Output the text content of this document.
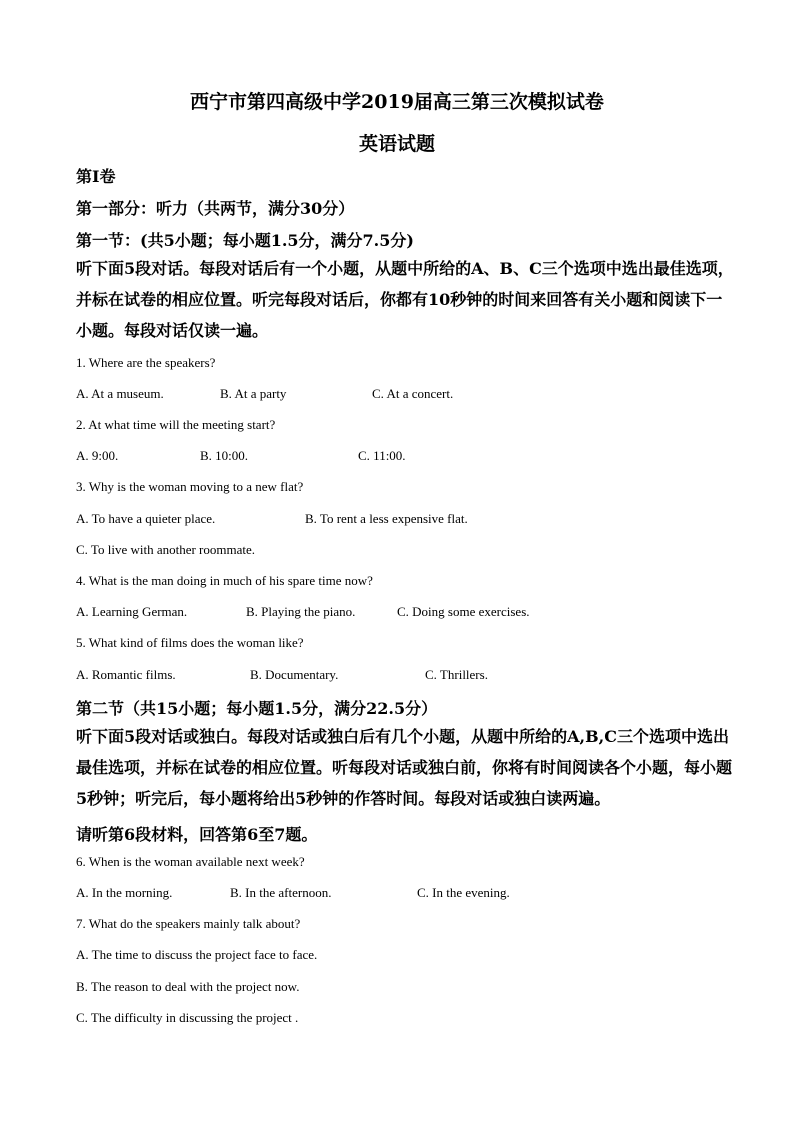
西宁市第四高级中学2019届高三第三次模拟试卷
英语试题
第Ⅰ卷
第一部分：听力（共两节，满分30分）
第一节：(共5小题；每小题1.5分，满分7.5分)
听下面5段对话。每段对话后有一个小题，从题中所给的A、B、C三个选项中选出最佳选项，
并标在试卷的相应位置。听完每段对话后，你都有10秒钟的时间来回答有关小题和阅读下一
小题。每段对话仅读一遍。
1. Where are the speakers?
A. At a museum.	B. At a party	C. At a concert.
2. At what time will the meeting start?
A. 9:00.	B. 10:00.	C. 11:00.
3. Why is the woman moving to a new flat?
A. To have a quieter place.	B. To rent a less expensive flat.
C. To live with another roommate.
4. What is the man doing in much of his spare time now?
A. Learning German.	B. Playing the piano.	C. Doing some exercises.
5. What kind of films does the woman like?
A. Romantic films.	B. Documentary.	C. Thrillers.
第二节（共15小题；每小题1.5分，满分22.5分）
听下面5段对话或独白。每段对话或独白后有几个小题，从题中所给的A,B,C三个选项中选出
最佳选项，并标在试卷的相应位置。听每段对话或独白前，你将有时间阅读各个小题，每小题
5秒钟；听完后，每小题将给出5秒钟的作答时间。每段对话或独白读两遍。
请听第6段材料，回答第6至7题。
6. When is the woman available next week?
A. In the morning.	B. In the afternoon.	C. In the evening.
7. What do the speakers mainly talk about?
A. The time to discuss the project face to face.
B. The reason to deal with the project now.
C. The difficulty in discussing the project .
